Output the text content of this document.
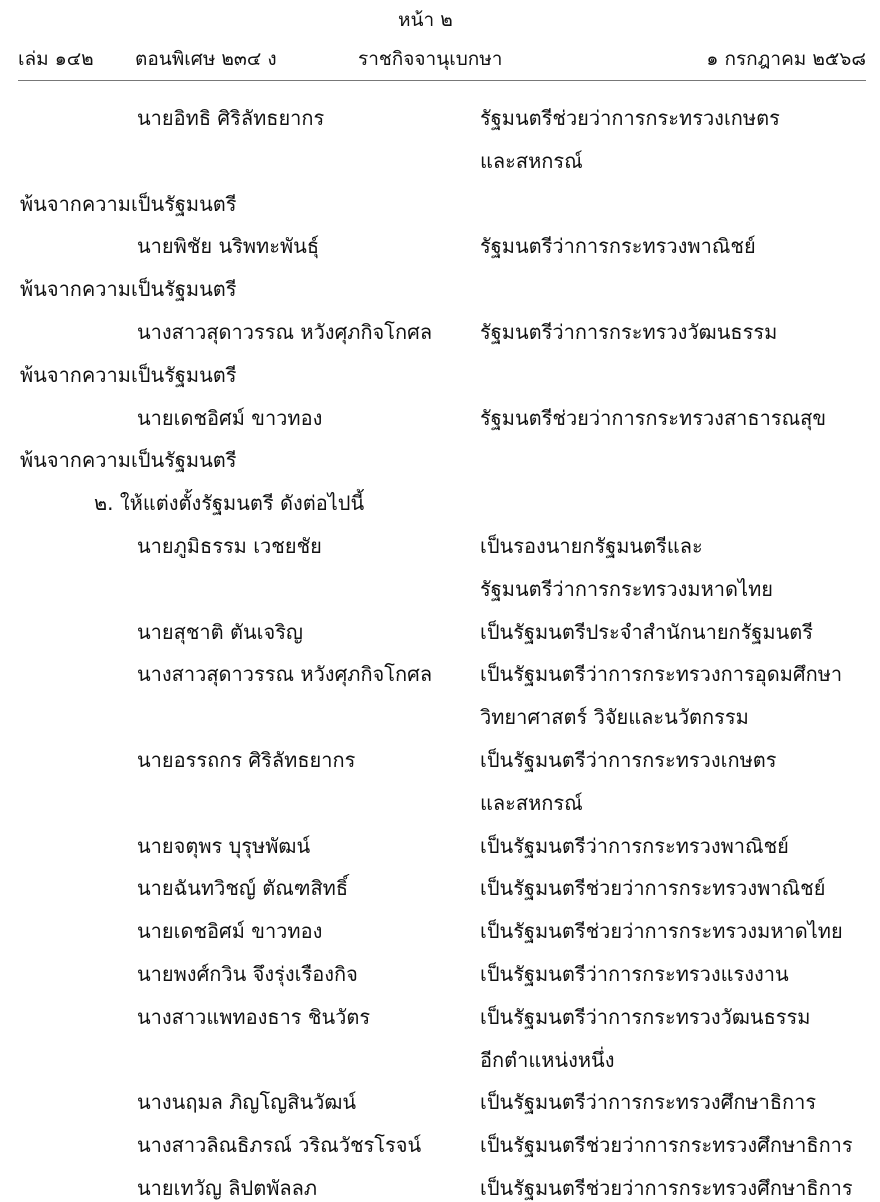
หน้า ๒
เล่ม ๑๔๒ ตอนพิเศษ ๒๓๔ ง	ราชกิจจานุเบกษา	๑ กรกฎาคม ๒๕๖๘
นายอิทธิ ศิริลัทธยากร	รัฐมนตรีช่วยว่าการกระทรวงเกษตร
และสหกรณ์
พ้นจากความเป็นรัฐมนตรี
นายพิชัย นริพทะพันธุ์	รัฐมนตรีว่าการกระทรวงพาณิชย์
พ้นจากความเป็นรัฐมนตรี
นางสาวสุดาวรรณ หวังศุภกิจโกศล รัฐมนตรีว่าการกระทรวงวัฒนธรรม
พ้นจากความเป็นรัฐมนตรี
นายเดชอิศม์ ขาวทอง	รัฐมนตรีช่วยว่าการกระทรวงสาธารณสุข
พ้นจากความเป็นรัฐมนตรี
๒. ให้แต่งตั้งรัฐมนตรี ดังต่อไปนี้
นายภูมิธรรม เวชยชัย	เป็นรองนายกรัฐมนตรีและ
รัฐมนตรีว่าการกระทรวงมหาดไทย
นายสุชาติ ตันเจริญ	เป็นรัฐมนตรีประจำสำนักนายกรัฐมนตรี
นางสาวสุดาวรรณ หวังศุภกิจโกศล เป็นรัฐมนตรีว่าการกระทรวงการอุดมศึกษา
วิทยาศาสตร์ วิจัยและนวัตกรรม
นายอรรถกร ศิริลัทธยากร	เป็นรัฐมนตรีว่าการกระทรวงเกษตร
และสหกรณ์
นายจตุพร บุรุษพัฒน์	เป็นรัฐมนตรีว่าการกระทรวงพาณิชย์
นายฉันทวิชญ์ ตัณฑสิทธิ์	เป็นรัฐมนตรีช่วยว่าการกระทรวงพาณิชย์
นายเดชอิศม์ ขาวทอง	เป็นรัฐมนตรีช่วยว่าการกระทรวงมหาดไทย
นายพงศ์กวิน จึงรุ่งเรืองกิจ	เป็นรัฐมนตรีว่าการกระทรวงแรงงาน
นางสาวแพทองธาร ชินวัตร	เป็นรัฐมนตรีว่าการกระทรวงวัฒนธรรม
อีกตำแหน่งหนึ่ง
นางนฤมล ภิญโญสินวัฒน์	เป็นรัฐมนตรีว่าการกระทรวงศึกษาธิการ
นางสาวลิณธิภรณ์ วริณวัชรโรจน์	เป็นรัฐมนตรีช่วยว่าการกระทรวงศึกษาธิการ
นายเทวัญ ลิปตพัลลภ	เป็นรัฐมนตรีช่วยว่าการกระทรวงศึกษาธิการ
